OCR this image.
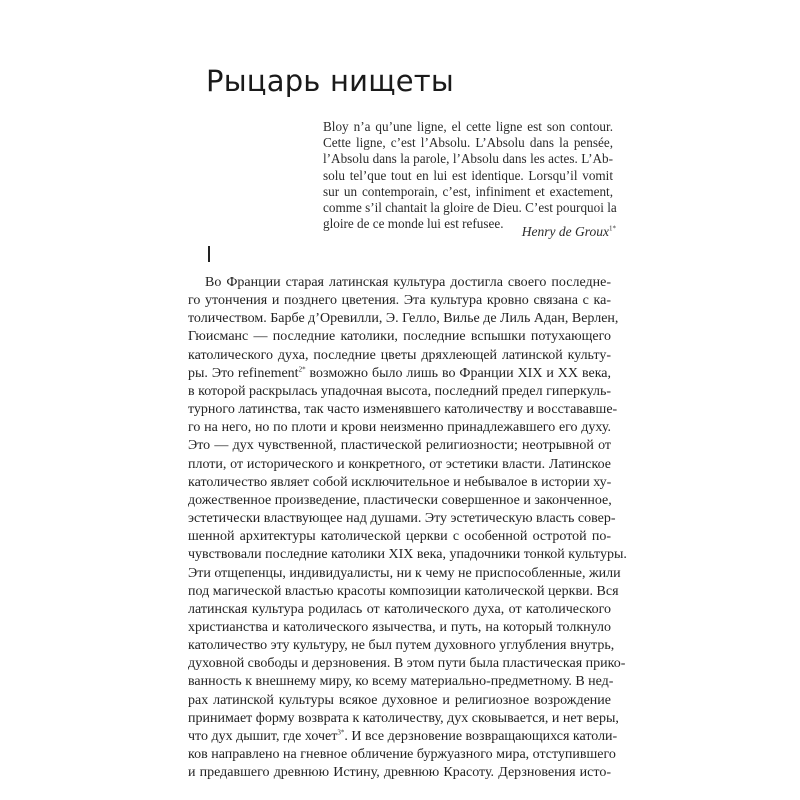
Рыцарь нищеты
Bloy n’a qu’une ligne, el cette ligne est son contour.
Cette ligne, c’est l’Absolu. L’Absolu dans la pensée,
l’Absolu dans la parole, l’Absolu dans les actes. L’Ab-
solu tel’que tout en lui est identique. Lorsqu’il vomit
sur un contemporain, c’est, infiniment et exactement,
comme s’il chantait la gloire de Dieu. C’est pourquoi la
gloire de ce monde lui est refusee.
Henry de Groux$^{1*}$
Во Франции старая латинская культура достигла своего последне-
го утончения и позднего цветения. Эта культура кровно связана с ка-
толичеством. Барбе д’Оревилли, Э. Гелло, Вилье де Лиль Адан, Верлен,
Гюисманс — последние католики, последние вспышки потухающего
католического духа, последние цветы дряхлеющей латинской культу-
ры. Это refinement$^{2*}$ возможно было лишь во Франции XIX и XX века,
в которой раскрылась упадочная высота, последний предел гиперкуль-
турного латинства, так часто изменявшего католичеству и восстававше-
го на него, но по плоти и крови неизменно принадлежавшего его духу.
Это — дух чувственной, пластической религиозности; неотрывной от
плоти, от исторического и конкретного, от эстетики власти. Латинское
католичество являет собой исключительное и небывалое в истории ху-
дожественное произведение, пластически совершенное и законченное,
эстетически властвующее над душами. Эту эстетическую власть совер-
шенной архитектуры католической церкви с особенной остротой по-
чувствовали последние католики XIX века, упадочники тонкой культуры.
Эти отщепенцы, индивидуалисты, ни к чему не приспособленные, жили
под магической властью красоты композиции католической церкви. Вся
латинская культура родилась от католического духа, от католического
христианства и католического язычества, и путь, на который толкнуло
католичество эту культуру, не был путем духовного углубления внутрь,
духовной свободы и дерзновения. В этом пути была пластическая прико-
ванность к внешнему миру, ко всему материально-предметному. В нед-
рах латинской культуры всякое духовное и религиозное возрождение
принимает форму возврата к католичеству, дух сковывается, и нет веры,
что дух дышит, где хочет$^{3*}$. И все дерзновение возвращающихся католи-
ков направлено на гневное обличение буржуазного мира, отступившего
и предавшего древнюю Истину, древнюю Красоту. Дерзновения исто-
